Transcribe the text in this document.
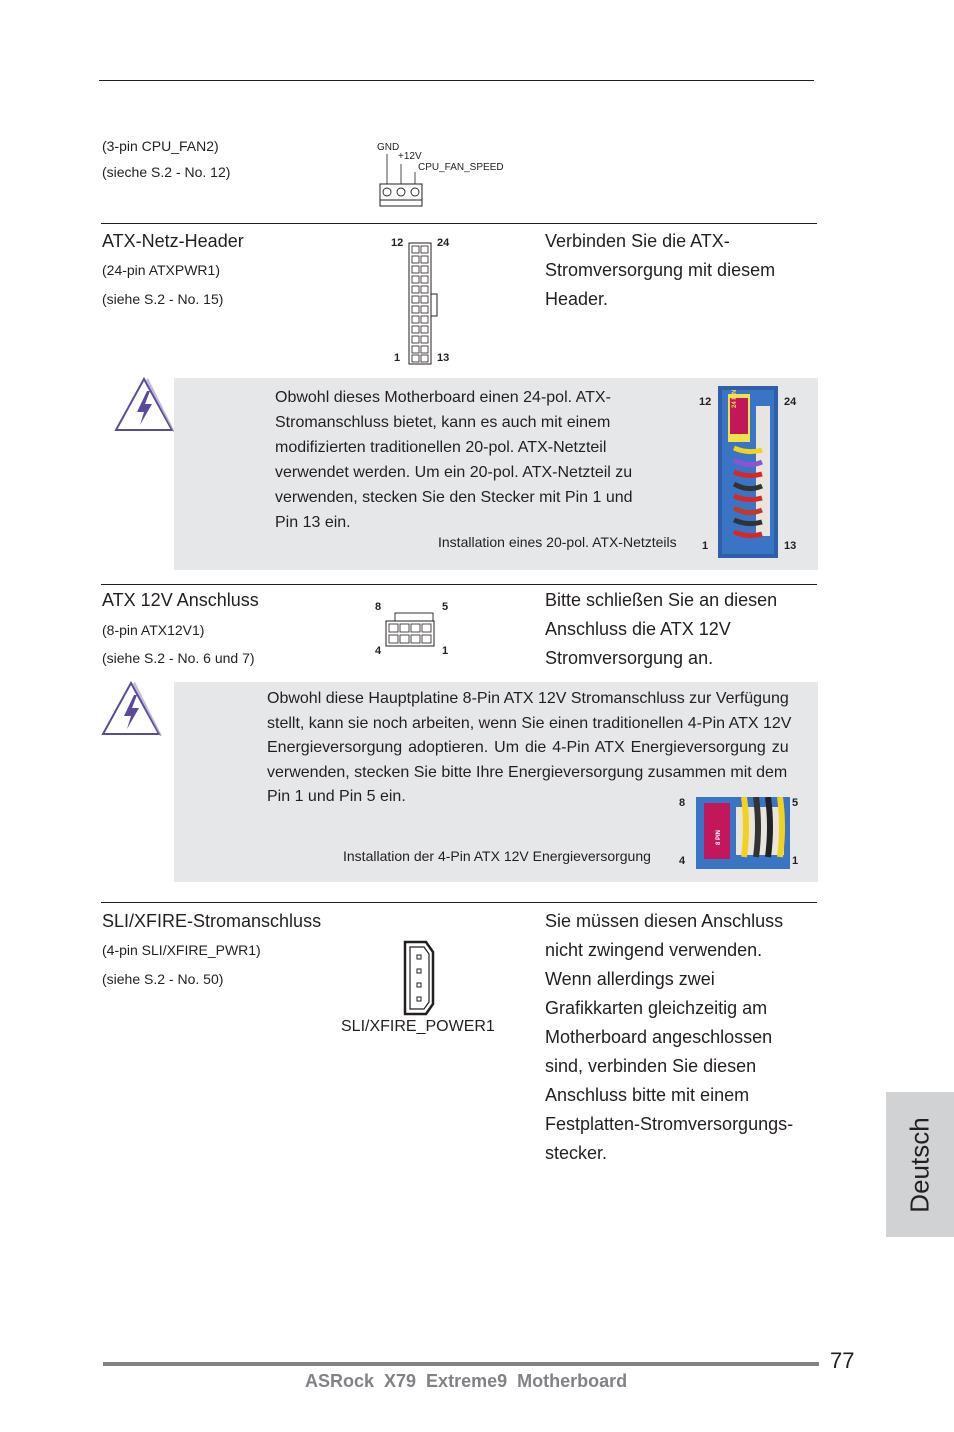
(3-pin CPU_FAN2)
(sieche S.2 - No. 12)
GND
+12V
CPU_FAN_SPEED
ATX-Netz-Header
(24-pin ATXPWR1)
(siehe S.2 - No. 15)
12	24
1	13
Verbinden Sie die ATX-
Stromversorgung mit diesem
Header.
Obwohl dieses Motherboard einen 24-pol. ATX-
Stromanschluss bietet, kann es auch mit einem
modifizierten traditionellen 20-pol. ATX-Netzteil
verwendet werden. Um ein 20-pol. ATX-Netzteil zu
verwenden, stecken Sie den Stecker mit Pin 1 und
Pin 13 ein.
Installation eines 20-pol. ATX-Netzteils
12	24
1	13
24 PIN
ATX 12V Anschluss
(8-pin ATX12V1)
(siehe S.2 - No. 6 und 7)
8	5
4	1
Bitte schließen Sie an diesen
Anschluss die ATX 12V
Stromversorgung an.
Obwohl diese Hauptplatine 8-Pin ATX 12V Stromanschluss zur Verfügung
stellt, kann sie noch arbeiten, wenn Sie einen traditionellen 4-Pin ATX 12V
Energieversorgung adoptieren. Um die 4-Pin ATX Energieversorgung zu
verwenden, stecken Sie bitte Ihre Energieversorgung zusammen mit dem
Pin 1 und Pin 5 ein.
Installation der 4-Pin ATX 12V Energieversorgung
8	5
4	1
8 PIN
SLI/XFIRE-Stromanschluss
(4-pin SLI/XFIRE_PWR1)
(siehe S.2 - No. 50)
SLI/XFIRE_POWER1
Sie müssen diesen Anschluss
nicht zwingend verwenden.
Wenn allerdings zwei
Grafikkarten gleichzeitig am
Motherboard angeschlossen
sind, verbinden Sie diesen
Anschluss bitte mit einem
Festplatten-Stromversorgungs-
stecker.	Deutsch
77
ASRock  X79  Extreme9  Motherboard
